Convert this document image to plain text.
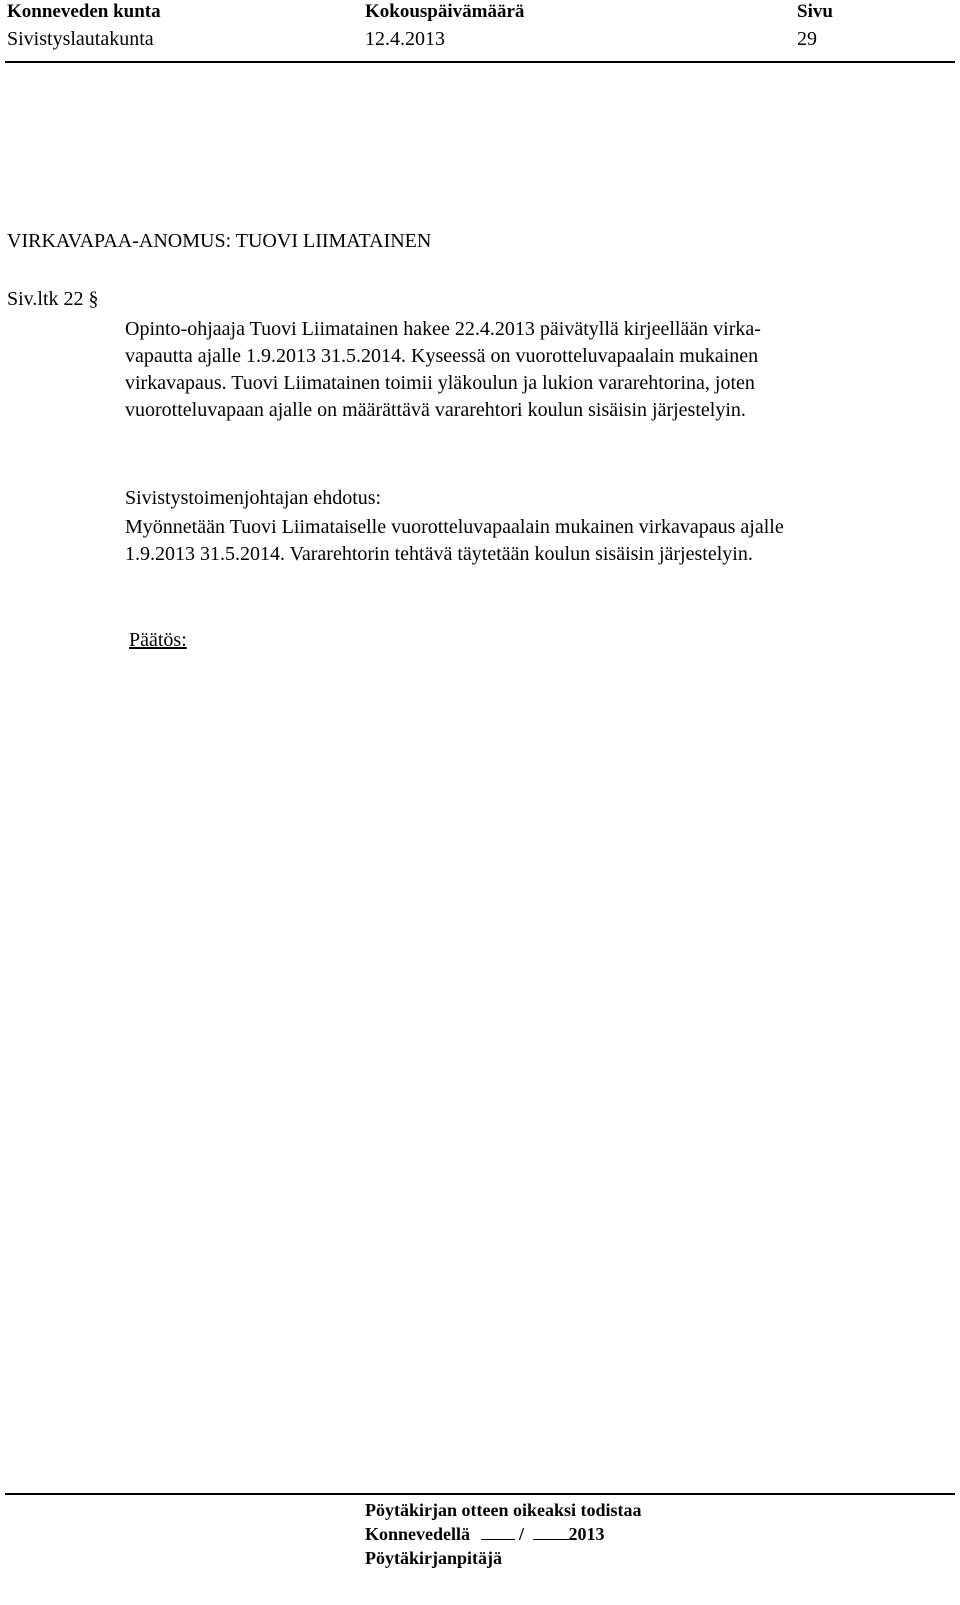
Konneveden kunta
Sivistyslautakunta
Kokouspäivämäärä
12.4.2013
Sivu
29
VIRKAVAPAA-ANOMUS: TUOVI LIIMATAINEN
Siv.ltk 22 §
Opinto-ohjaaja Tuovi Liimatainen hakee 22.4.2013 päivätyllä kirjeellään virka-
vapautta ajalle 1.9.2013 31.5.2014. Kyseessä on vuorotteluvapaalain mukainen
virkavapaus. Tuovi Liimatainen toimii yläkoulun ja lukion vararehtorina, joten
vuorotteluvapaan ajalle on määrättävä vararehtori koulun sisäisin järjestelyin.
Sivistystoimenjohtajan ehdotus:
Myönnetään Tuovi Liimataiselle vuorotteluvapaalain mukainen virkavapaus ajalle
1.9.2013 31.5.2014. Vararehtorin tehtävä täytetään koulun sisäisin järjestelyin.
Päätös:
Pöytäkirjan otteen oikeaksi todistaa
Konnevedellä	/ 2013
Pöytäkirjanpitäjä
